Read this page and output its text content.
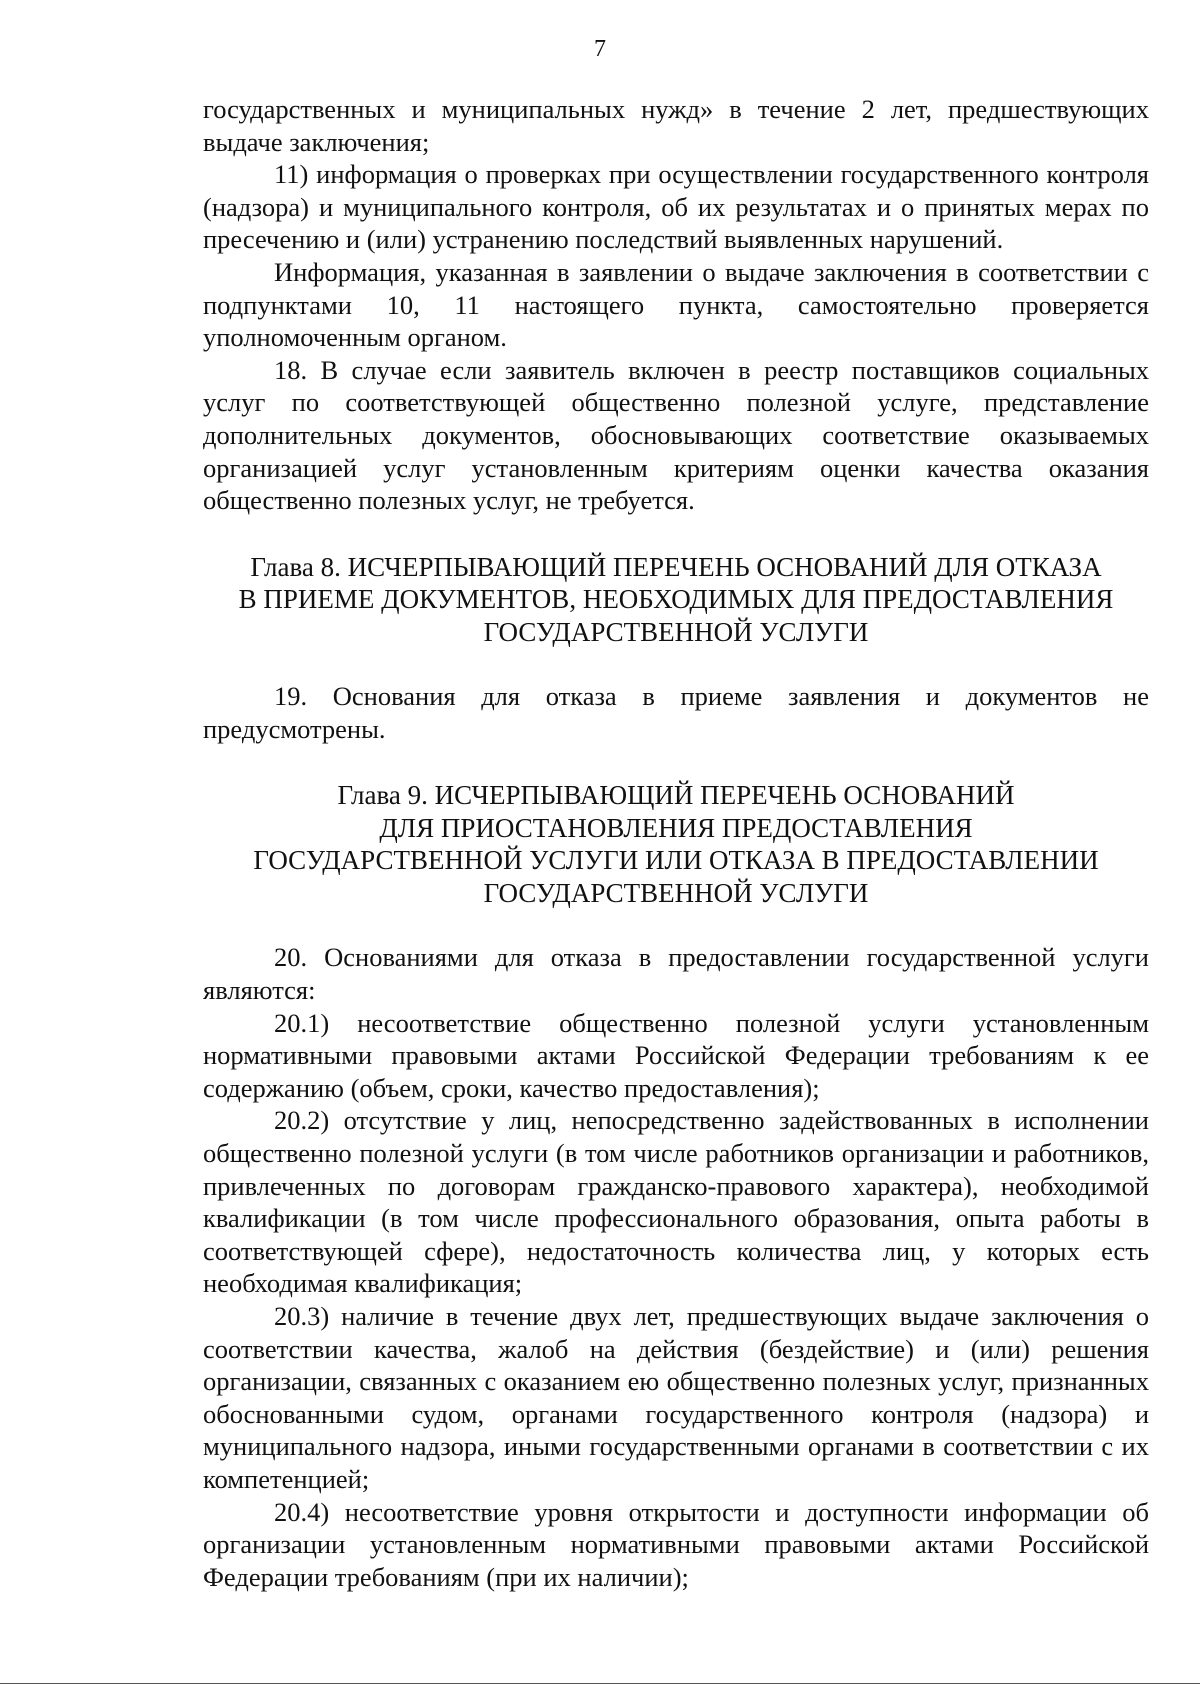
7

государственных и муниципальных нужд» в течение 2 лет, предшествующих выдаче заключения;

11) информация о проверках при осуществлении государственного контроля (надзора) и муниципального контроля, об их результатах и о принятых мерах по пресечению и (или) устранению последствий выявленных нарушений.

Информация, указанная в заявлении о выдаче заключения в соответствии с подпунктами 10, 11 настоящего пункта, самостоятельно проверяется уполномоченным органом.

18. В случае если заявитель включен в реестр поставщиков социальных услуг по соответствующей общественно полезной услуге, представление дополнительных документов, обосновывающих соответствие оказываемых организацией услуг установленным критериям оценки качества оказания общественно полезных услуг, не требуется.

Глава 8. ИСЧЕРПЫВАЮЩИЙ ПЕРЕЧЕНЬ ОСНОВАНИЙ ДЛЯ ОТКАЗА
В ПРИЕМЕ ДОКУМЕНТОВ, НЕОБХОДИМЫХ ДЛЯ ПРЕДОСТАВЛЕНИЯ
ГОСУДАРСТВЕННОЙ УСЛУГИ

19. Основания для отказа в приеме заявления и документов не предусмотрены.

Глава 9. ИСЧЕРПЫВАЮЩИЙ ПЕРЕЧЕНЬ ОСНОВАНИЙ
ДЛЯ ПРИОСТАНОВЛЕНИЯ ПРЕДОСТАВЛЕНИЯ
ГОСУДАРСТВЕННОЙ УСЛУГИ ИЛИ ОТКАЗА В ПРЕДОСТАВЛЕНИИ
ГОСУДАРСТВЕННОЙ УСЛУГИ

20. Основаниями для отказа в предоставлении государственной услуги являются:

20.1) несоответствие общественно полезной услуги установленным нормативными правовыми актами Российской Федерации требованиям к ее содержанию (объем, сроки, качество предоставления);

20.2) отсутствие у лиц, непосредственно задействованных в исполнении общественно полезной услуги (в том числе работников организации и работников, привлеченных по договорам гражданско-правового характера), необходимой квалификации (в том числе профессионального образования, опыта работы в соответствующей сфере), недостаточность количества лиц, у которых есть необходимая квалификация;

20.3) наличие в течение двух лет, предшествующих выдаче заключения о соответствии качества, жалоб на действия (бездействие) и (или) решения организации, связанных с оказанием ею общественно полезных услуг, признанных обоснованными судом, органами государственного контроля (надзора) и муниципального надзора, иными государственными органами в соответствии с их компетенцией;

20.4) несоответствие уровня открытости и доступности информации об организации установленным нормативными правовыми актами Российской Федерации требованиям (при их наличии);
